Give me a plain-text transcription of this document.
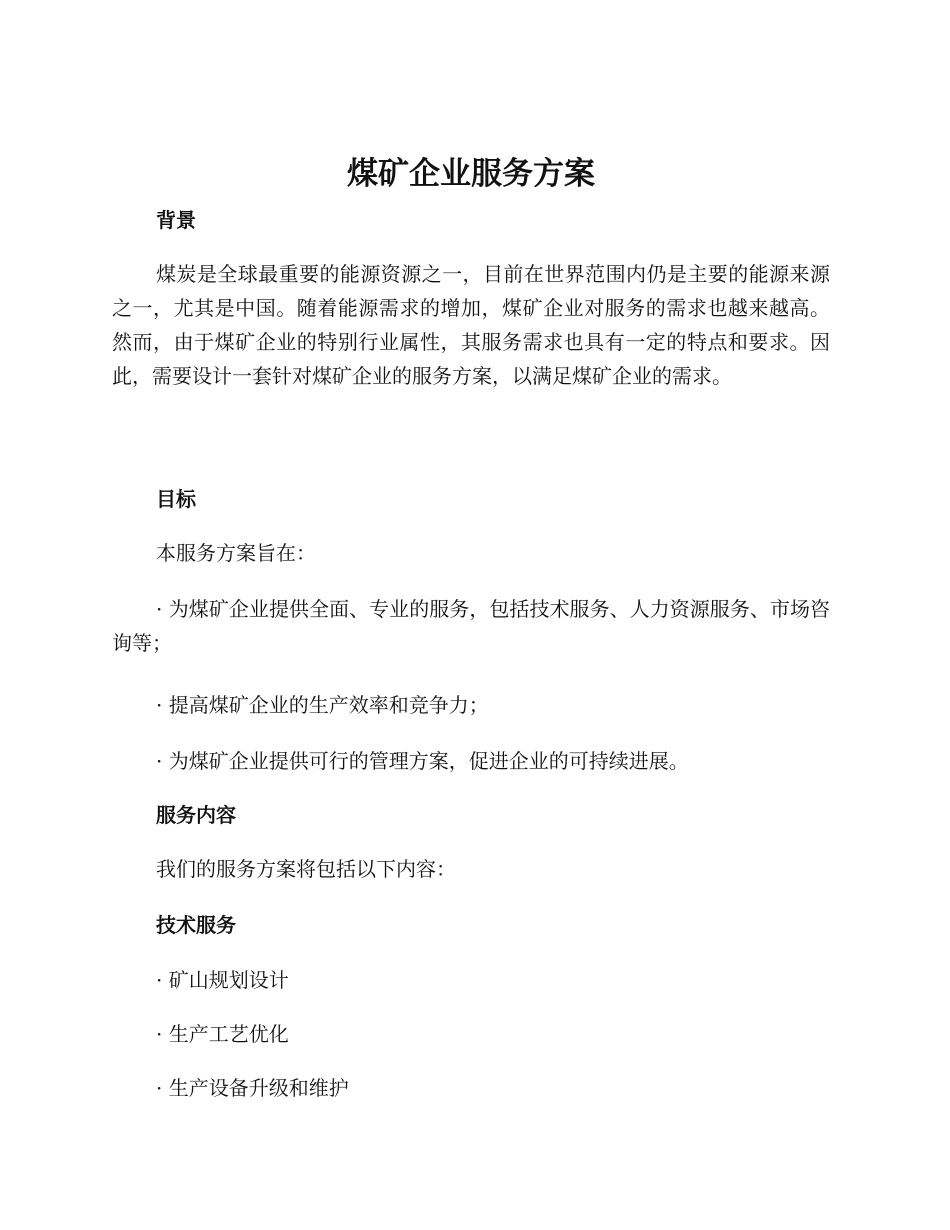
煤矿企业服务方案
背景

煤炭是全球最重要的能源资源之一，目前在世界范围内仍是主要的能源来源之一，尤其是中国。随着能源需求的增加，煤矿企业对服务的需求也越来越高。然而，由于煤矿企业的特别行业属性，其服务需求也具有一定的特点和要求。因此，需要设计一套针对煤矿企业的服务方案，以满足煤矿企业的需求。

目标

本服务方案旨在：

· 为煤矿企业提供全面、专业的服务，包括技术服务、人力资源服务、市场咨询等；

· 提高煤矿企业的生产效率和竞争力；

· 为煤矿企业提供可行的管理方案，促进企业的可持续进展。

服务内容

我们的服务方案将包括以下内容：

技术服务

· 矿山规划设计

· 生产工艺优化

· 生产设备升级和维护
